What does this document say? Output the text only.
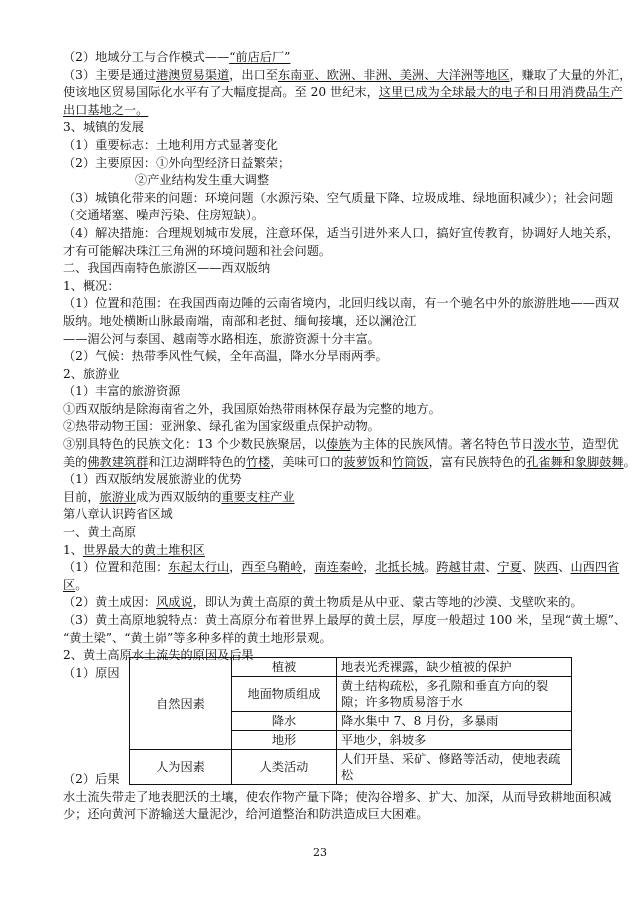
（2）地域分工与合作模式——“前店后厂”
（3）主要是通过港澳贸易渠道，出口至东南亚、欧洲、非洲、美洲、大洋洲等地区，赚取了大量的外汇，
使该地区贸易国际化水平有了大幅度提高。至 20 世纪末，这里已成为全球最大的电子和日用消费品生产
出口基地之一。
3、城镇的发展
（1）重要标志：土地利用方式显著变化
（2）主要原因：①外向型经济日益繁荣；
②产业结构发生重大调整
（3）城镇化带来的问题：环境问题（水源污染、空气质量下降、垃圾成堆、绿地面积减少）；社会问题
（交通堵塞、噪声污染、住房短缺）。
（4）解决措施：合理规划城市发展，注意环保，适当引进外来人口，搞好宣传教育，协调好人地关系，
才有可能解决珠江三角洲的环境问题和社会问题。
二、我国西南特色旅游区——西双版纳
1、概况：
（1）位置和范围：在我国西南边陲的云南省境内，北回归线以南，有一个驰名中外的旅游胜地——西双
版纳。地处横断山脉最南端，南部和老挝、缅甸接壤，还以澜沧江
——湄公河与泰国、越南等水路相连，旅游资源十分丰富。
（2）气候：热带季风性气候，全年高温，降水分旱雨两季。
2、旅游业
（1）丰富的旅游资源
①西双版纳是除海南省之外，我国原始热带雨林保存最为完整的地方。
②热带动物王国：亚洲象、绿孔雀为国家级重点保护动物。
③别具特色的民族文化：13 个少数民族聚居，以傣族为主体的民族风情。著名特色节日泼水节，造型优
美的佛教建筑群和江边湖畔特色的竹楼，美味可口的菠萝饭和竹筒饭，富有民族特色的孔雀舞和象脚鼓舞。
（1）西双版纳发展旅游业的优势
目前，旅游业成为西双版纳的重要支柱产业
第八章认识跨省区域
一、黄土高原
1、世界最大的黄土堆积区
（1）位置和范围：东起太行山，西至乌鞘岭，南连秦岭，北抵长城。跨越甘肃、宁夏、陕西、山西四省
区。
（2）黄土成因：风成说，即认为黄土高原的黄土物质是从中亚、蒙古等地的沙漠、戈壁吹来的。
（3）黄土高原地貌特点：黄土高原分布着世界上最厚的黄土层，厚度一般超过 100 米，呈现“黄土塬”、
“黄土梁”、“黄土峁”等多种多样的黄土地形景观。
2、黄土高原水土流失的原因及后果
（1）原因
自然因素	植被	地表光秃裸露，缺少植被的保护
	地面物质组成	黄土结构疏松，多孔隙和垂直方向的裂隙；许多物质易溶于水
	降水	降水集中 7、8 月份，多暴雨
	地形	平地少，斜坡多
人为因素	人类活动	人们开垦、采矿、修路等活动，使地表疏松
（2）后果
水土流失带走了地表肥沃的土壤，使农作物产量下降；使沟谷增多、扩大、加深，从而导致耕地面积减
少；还向黄河下游输送大量泥沙，给河道整治和防洪造成巨大困难。
23
